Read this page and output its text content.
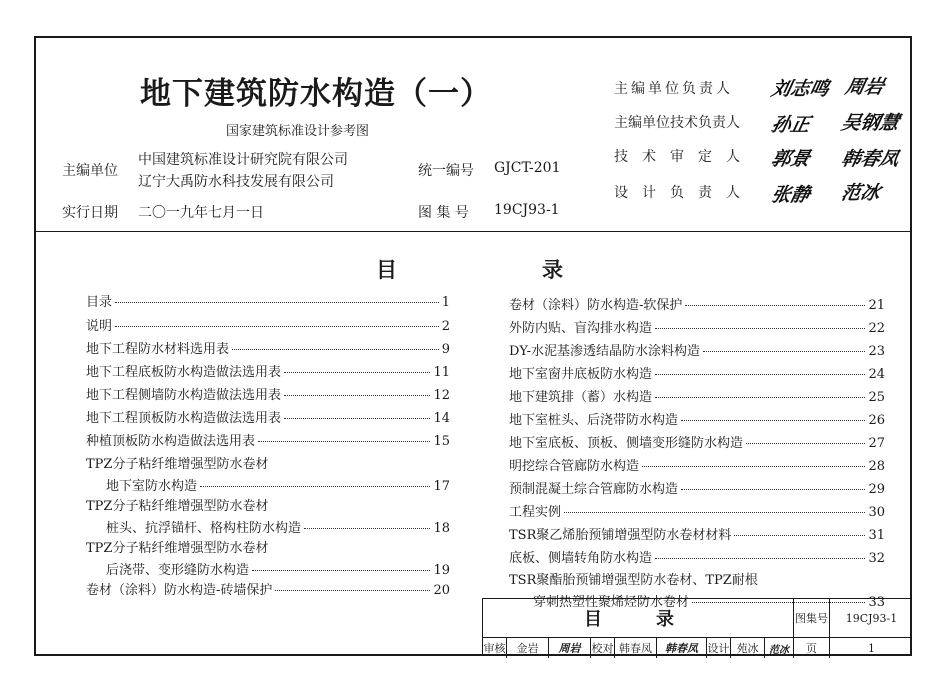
地下建筑防水构造（一）
国家建筑标准设计参考图
主编单位
中国建筑标准设计研究院有限公司
辽宁大禹防水科技发展有限公司
统一编号 GJCT-201
实行日期 二〇一九年七月一日	图 集 号 19CJ93-1
主编单位负责人 刘志鸣 周岩
主编单位技术负责人 孙正 吴钢慧
技术审定人 郭景 韩春凤
设计负责人 张静 范冰
目	录
目录	1
说明	2
地下工程防水材料选用表	9
地下工程底板防水构造做法选用表	11
地下工程侧墙防水构造做法选用表	12
地下工程顶板防水构造做法选用表	14
种植顶板防水构造做法选用表	15
TPZ分子粘纤维增强型防水卷材
地下室防水构造	17
TPZ分子粘纤维增强型防水卷材
桩头、抗浮锚杆、格构柱防水构造	18
TPZ分子粘纤维增强型防水卷材
后浇带、变形缝防水构造	19
卷材（涂料）防水构造-砖墙保护	20
卷材（涂料）防水构造-软保护	21
外防内贴、盲沟排水构造	22
DY-水泥基渗透结晶防水涂料构造	23
地下室窗井底板防水构造	24
地下建筑排（蓄）水构造	25
地下室桩头、后浇带防水构造	26
地下室底板、顶板、侧墙变形缝防水构造	27
明挖综合管廊防水构造	28
预制混凝土综合管廊防水构造	29
工程实例	30
TSR聚乙烯胎预铺增强型防水卷材材料	31
底板、侧墙转角防水构造	32
TSR聚酯胎预铺增强型防水卷材、TPZ耐根
穿刺热塑性聚烯烃防水卷材	33
目　录	图集号	19CJ93-1
审核	金岩	周岩	校对 韩春凤	韩春凤 设计 苑冰	范冰	页	1
